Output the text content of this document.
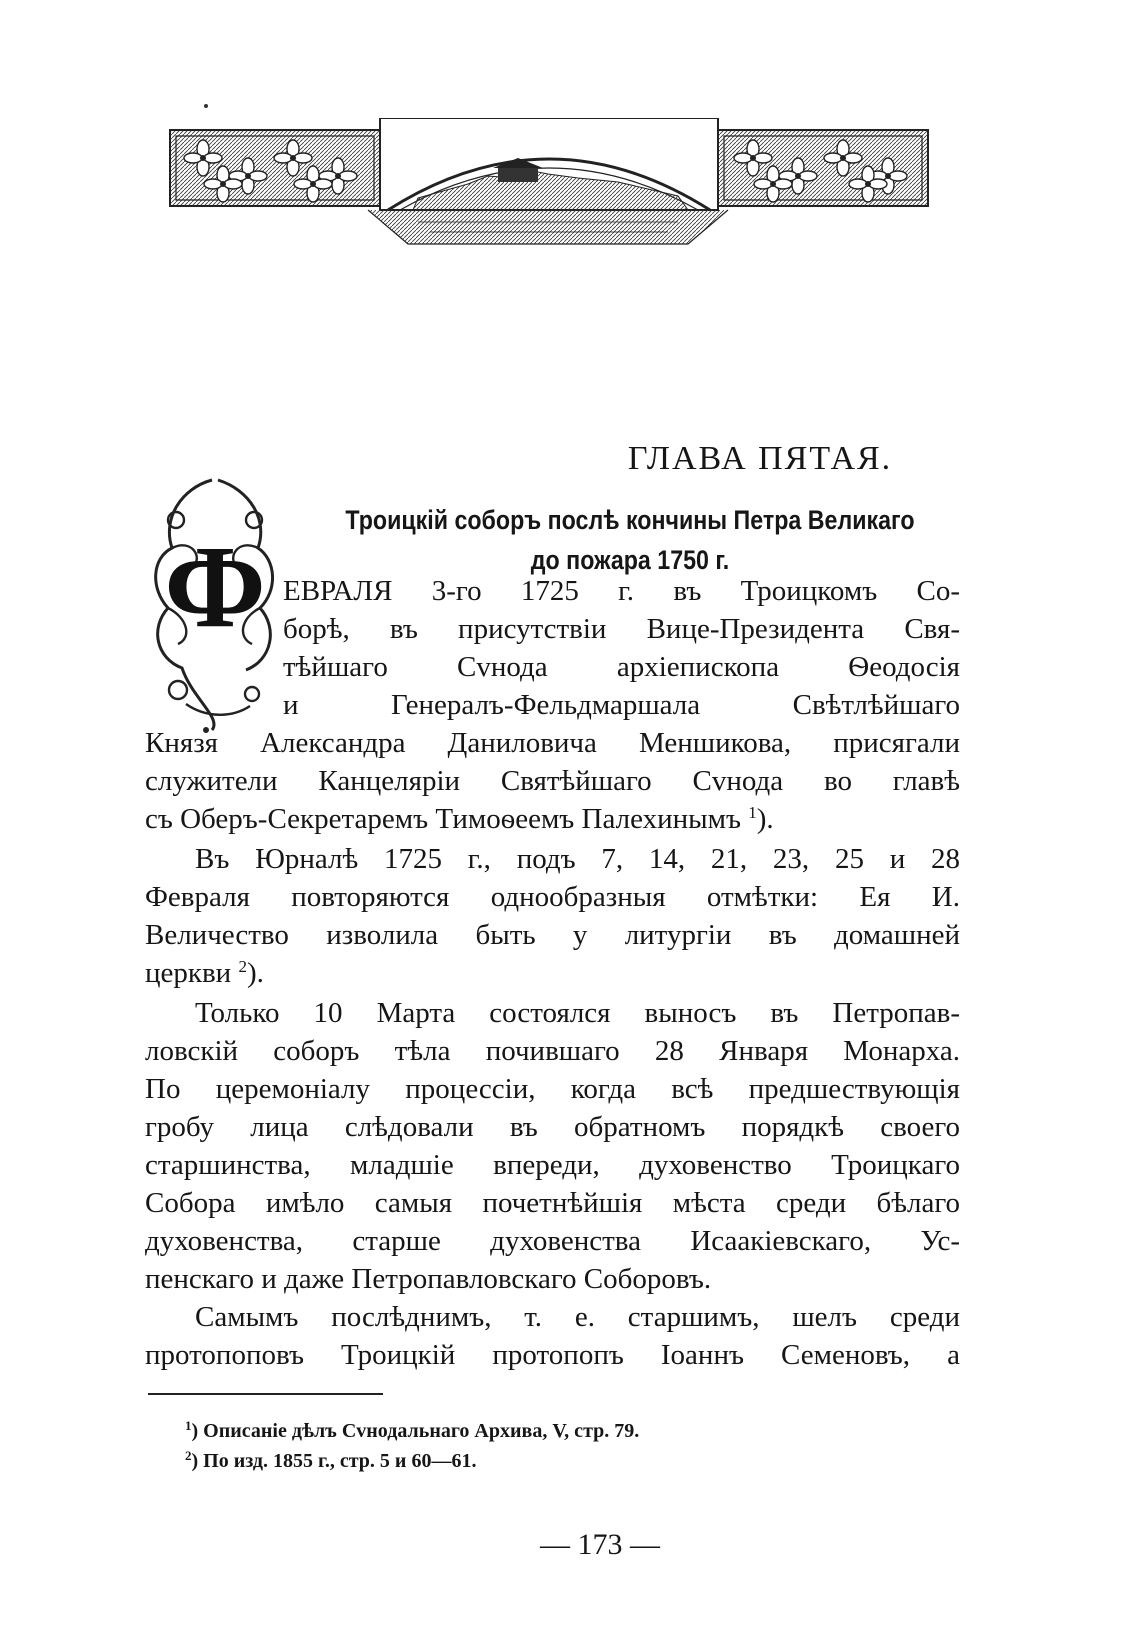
ГЛАВА ПЯТАЯ.
Троицкій соборъ послѣ кончины Петра Великаго
до пожара 1750 г.
Ф ЕВРАЛЯ 3-го 1725 г. въ Троицкомъ Со-
борѣ, въ присутствіи Вице-Президента Свя-
тѣйшаго Сvнода архіепископа Ѳеодосія
и Генералъ-Фельдмаршала Свѣтлѣйшаго
Князя Александра Даниловича Меншикова, присягали
служители Канцеляріи Святѣйшаго Сvнода во главѣ
съ Оберъ-Секретаремъ Тимоѳеемъ Палехинымъ $^1$).
Въ Юрналѣ 1725 г., подъ 7, 14, 21, 23, 25 и 28
Февраля повторяются однообразныя отмѣтки: Ея И.
Величество изволила быть у литургіи въ домашней
церкви $^2$).
Только 10 Марта состоялся выносъ въ Петропав-
ловскій соборъ тѣла почившаго 28 Января Монарха.
По церемоніалу процессіи, когда всѣ предшествующія
гробу лица слѣдовали въ обратномъ порядкѣ своего
старшинства, младшіе впереди, духовенство Троицкаго
Собора имѣло самыя почетнѣйшія мѣста среди бѣлаго
духовенства, старше духовенства Исаакіевскаго, Ус-
пенскаго и даже Петропавловскаго Соборовъ.
Самымъ послѣднимъ, т. е. старшимъ, шелъ среди
протопоповъ Троицкій протопопъ Іоаннъ Семеновъ, а
$^1$) Описаніе дѣлъ Сvнодальнаго Архива, V, стр. 79.
$^2$) По изд. 1855 г., стр. 5 и 60—61.
— 173 —
